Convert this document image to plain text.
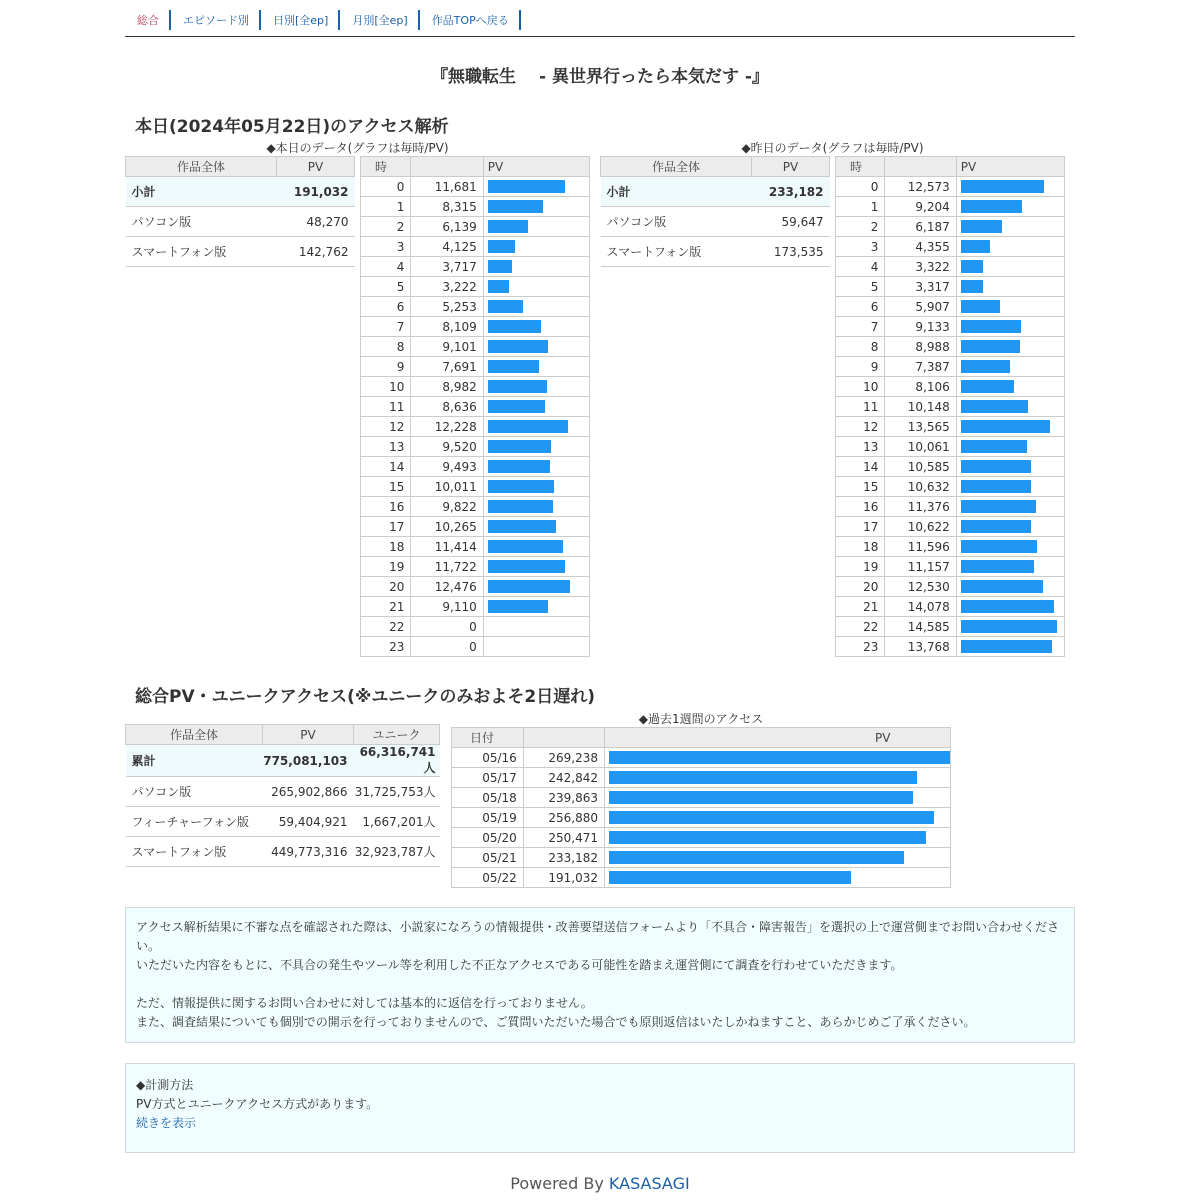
総合	エピソード別	日別[全ep]	月別[全ep]	作品TOPへ戻る
『無職転生　 - 異世界行ったら本気だす -』
本日(2024年05月22日)のアクセス解析
◆本日のデータ(グラフは毎時/PV)
作品全体	PV
小計	191,032
パソコン版	48,270
スマートフォン版	142,762
時		PV
0	11,681	

1	8,315	

2	6,139	

3	4,125	

4	3,717	

5	3,222	

6	5,253	

7	8,109	

8	9,101	

9	7,691	

10	8,982	

11	8,636	

12	12,228	

13	9,520	

14	9,493	

15	10,011	

16	9,822	

17	10,265	

18	11,414	

19	11,722	

20	12,476	

21	9,110	

22	0	
23	0	
◆昨日のデータ(グラフは毎時/PV)
作品全体	PV
小計	233,182
パソコン版	59,647
スマートフォン版	173,535
時		PV
0	12,573	

1	9,204	

2	6,187	

3	4,355	

4	3,322	

5	3,317	

6	5,907	

7	9,133	

8	8,988	

9	7,387	

10	8,106	

11	10,148	

12	13,565	

13	10,061	

14	10,585	

15	10,632	

16	11,376	

17	10,622	

18	11,596	

19	11,157	

20	12,530	

21	14,078	

22	14,585	

23	13,768	
総合PV・ユニークアクセス(※ユニークのみおよそ2日遅れ)
作品全体	PV	ユニーク
累計	775,081,103	66,316,741人
パソコン版	265,902,866	31,725,753人
フィーチャーフォン版	59,404,921	1,667,201人
スマートフォン版	449,773,316	32,923,787人
◆過去1週間のアクセス
日付		PV
05/16	269,238	

05/17	242,842	

05/18	239,863	

05/19	256,880	

05/20	250,471	

05/21	233,182	

05/22	191,032	

アクセス解析結果に不審な点を確認された際は、小説家になろうの情報提供・改善要望送信フォームより「不具合・障害報告」を選択の上で運営側までお問い合わせください。

いただいた内容をもとに、不具合の発生やツール等を利用した不正なアクセスである可能性を踏まえ運営側にて調査を行わせていただきます。

ただ、情報提供に関するお問い合わせに対しては基本的に返信を行っておりません。

また、調査結果についても個別での開示を行っておりませんので、ご質問いただいた場合でも原則返信はいたしかねますこと、あらかじめご了承ください。

◆計測方法

PV方式とユニークアクセス方式があります。

続きを表示

Powered By KASASAGI
